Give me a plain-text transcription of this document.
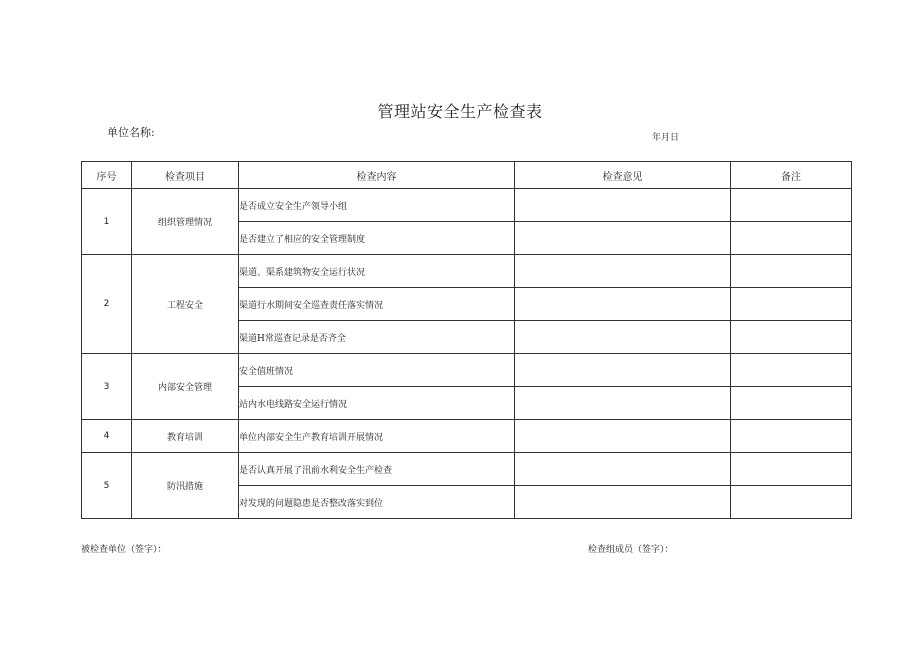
管理站安全生产检查表
单位名称:	年月日
序号	检查项目	检查内容	检查意见	备注
1	组织管理情况	是否成立安全生产领导小组		
		是否建立了相应的安全管理制度		
2	工程安全	渠道、渠系建筑物安全运行状况		
		渠道行水期间安全巡查责任落实情况		
		渠道H常巡查记录是否齐全		
3	内部安全管理	安全值班情况		
		站内水电线路安全运行情况		
4	教育培训	单位内部安全生产教育培训开展情况		
5	防汛措施	是否认真开展了汛前水利安全生产检查		
		对发现的问题隐患是否整改落实到位		
被检查单位（签字）：	检查组成员（签字）：
